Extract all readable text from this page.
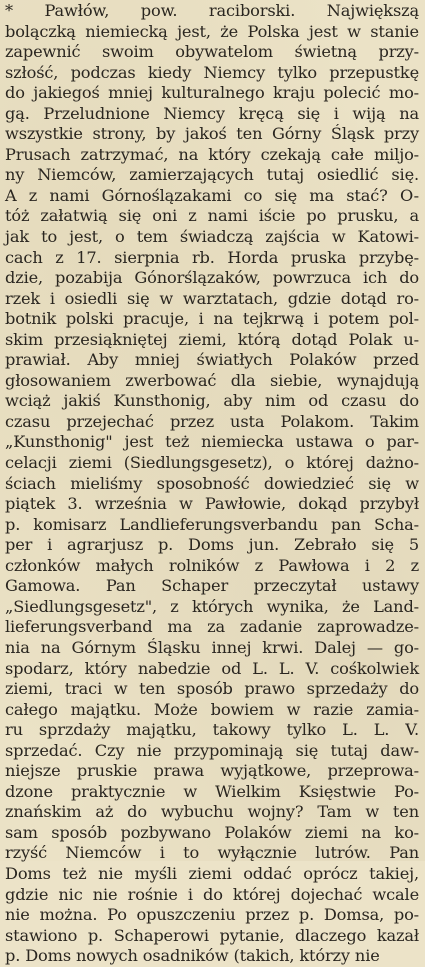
* Pawłów, pow. raciborski. Największą
bolączką niemiecką jest, że Polska jest w stanie
zapewnić swoim obywatelom świetną przy-
szłość, podczas kiedy Niemcy tylko przepustkę
do jakiegoś mniej kulturalnego kraju polecić mo-
gą. Przeludnione Niemcy kręcą się i wiją na
wszystkie strony, by jakoś ten Górny Śląsk przy
Prusach zatrzymać, na który czekają całe miljo-
ny Niemców, zamierzających tutaj osiedlić się.
A z nami Górnoślązakami co się ma stać? O-
tóż załatwią się oni z nami iście po prusku, a
jak to jest, o tem świadczą zajścia w Katowi-
cach z 17. sierpnia rb. Horda pruska przybę-
dzie, pozabija Gónorślązaków, powrzuca ich do
rzek i osiedli się w warztatach, gdzie dotąd ro-
botnik polski pracuje, i na tejkrwą i potem pol-
skim przesiąkniętej ziemi, którą dotąd Polak u-
prawiał. Aby mniej światłych Polaków przed
głosowaniem zwerbować dla siebie, wynajdują
wciąż jakiś Kunsthonig, aby nim od czasu do
czasu przejechać przez usta Polakom. Takim
„Kunsthonig" jest też niemiecka ustawa o par-
celacji ziemi (Siedlungsgesetz), o której dażno-
ściach mieliśmy sposobność dowiedzieć się w
piątek 3. września w Pawłowie, dokąd przybył
p. komisarz Landlieferungsverbandu pan Scha-
per i agrarjusz p. Doms jun. Zebrało się 5
członków małych rolników z Pawłowa i 2 z
Gamowa. Pan Schaper przeczytał ustawy
„Siedlungsgesetz", z których wynika, że Land-
lieferungsverband ma za zadanie zaprowadze-
nia na Górnym Śląsku innej krwi. Dalej — go-
spodarz, który nabedzie od L. L. V. cośkolwiek
ziemi, traci w ten sposób prawo sprzedaży do
całego majątku. Może bowiem w razie zamia-
ru sprzdaży majątku, takowy tylko L. L. V.
sprzedać. Czy nie przypominają się tutaj daw-
niejsze pruskie prawa wyjątkowe, przeprowa-
dzone praktycznie w Wielkim Księstwie Po-
znańskim aż do wybuchu wojny? Tam w ten
sam sposób pozbywano Polaków ziemi na ko-
rzyść Niemców i to wyłącznie lutrów. Pan
Doms też nie myśli ziemi oddać oprócz takiej,
gdzie nic nie rośnie i do której dojechać wcale
nie można. Po opuszczeniu przez p. Domsa, po-
stawiono p. Schaperowi pytanie, dlaczego kazał
p. Doms nowych osadników (takich, którzy nie
